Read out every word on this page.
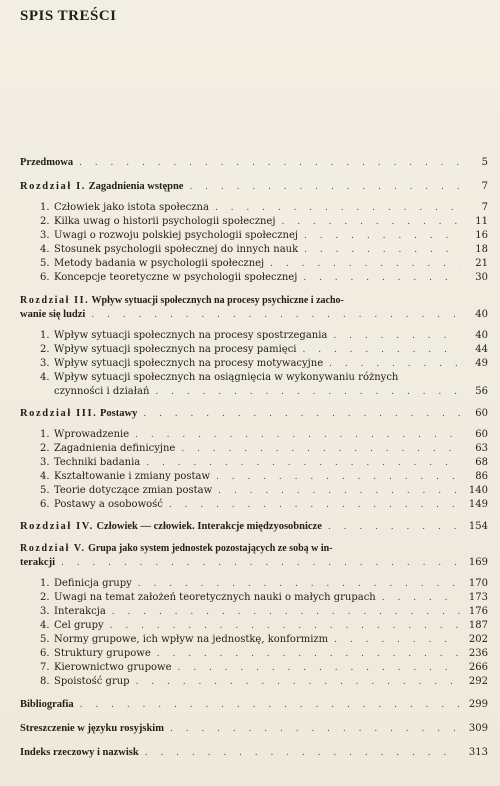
SPIS TREŚCI
Przedmowa . . .	5
Rozdział I. Zagadnienia wstępne . . .	7
1. Człowiek jako istota społeczna . . .	7
2. Kilka uwag o historii psychologii społecznej . . .	11
3. Uwagi o rozwoju polskiej psychologii społecznej . . .	16
4. Stosunek psychologii społecznej do innych nauk . . .	18
5. Metody badania w psychologii społecznej . . .	21
6. Koncepcje teoretyczne w psychologii społecznej . . .	30
Rozdział II. Wpływ sytuacji społecznych na procesy psychiczne i zacho-
wanie się ludzi . . .	40
1. Wpływ sytuacji społecznych na procesy spostrzegania . . .	40
2. Wpływ sytuacji społecznych na procesy pamięci . . .	44
3. Wpływ sytuacji społecznych na procesy motywacyjne . . .	49
4. Wpływ sytuacji społecznych na osiągnięcia w wykonywaniu różnych
czynności i działań . . .	56
Rozdział III. Postawy . . .	60
1. Wprowadzenie . . .	60
2. Zagadnienia definicyjne . . .	63
3. Techniki badania . . .	68
4. Kształtowanie i zmiany postaw . . .	86
5. Teorie dotyczące zmian postaw . . .	140
6. Postawy a osobowość . . .	149
Rozdział IV. Człowiek — człowiek. Interakcje międzyosobnicze . . .	154
Rozdział V. Grupa jako system jednostek pozostających ze sobą w in-
terakcji . . .	169
1. Definicja grupy . . .	170
2. Uwagi na temat założeń teoretycznych nauki o małych grupach . . .	173
3. Interakcja . . .	176
4. Cel grupy . . .	187
5. Normy grupowe, ich wpływ na jednostkę, konformizm . . .	202
6. Struktury grupowe . . .	236
7. Kierownictwo grupowe . . .	266
8. Spoistość grup . . .	292
Bibliografia . . .	299
Streszczenie w języku rosyjskim . . .	309
Indeks rzeczowy i nazwisk . . .	313
